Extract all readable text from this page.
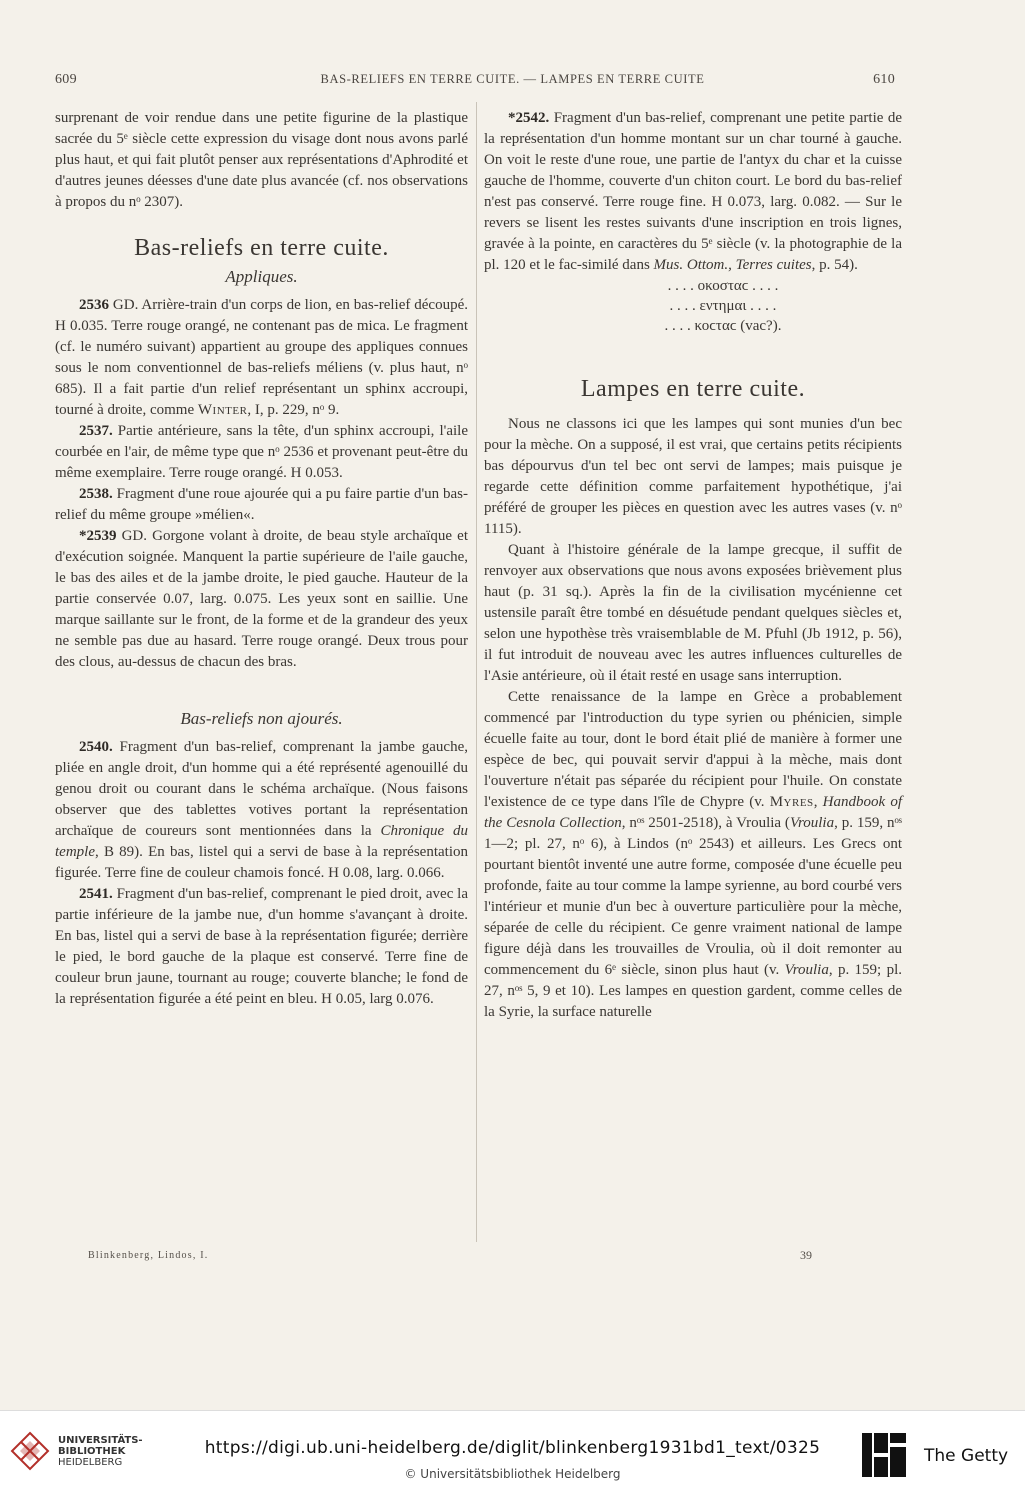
609	BAS-RELIEFS EN TERRE CUITE. — LAMPES EN TERRE CUITE	610

surprenant de voir rendue dans une petite figurine de la plastique sacrée du 5ᵉ siècle cette expression du visage dont nous avons parlé plus haut, et qui fait plutôt penser aux représentations d'Aphrodité et d'autres jeunes déesses d'une date plus avancée (cf. nos observations à propos du nᵒ 2307).

Bas-reliefs en terre cuite.

Appliques.

2536 GD. Arrière-train d'un corps de lion, en bas-relief découpé. H 0.035. Terre rouge orangé, ne contenant pas de mica. Le fragment (cf. le numéro suivant) appartient au groupe des appliques connues sous le nom conventionnel de bas-reliefs méliens (v. plus haut, nᵒ 685). Il a fait partie d'un relief représentant un sphinx accroupi, tourné à droite, comme Winter, I, p. 229, nᵒ 9.

2537. Partie antérieure, sans la tête, d'un sphinx accroupi, l'aile courbée en l'air, de même type que nᵒ 2536 et provenant peut-être du même exemplaire. Terre rouge orangé. H 0.053.

2538. Fragment d'une roue ajourée qui a pu faire partie d'un bas-relief du même groupe »mélien«.

*2539 GD. Gorgone volant à droite, de beau style archaïque et d'exécution soignée. Manquent la partie supérieure de l'aile gauche, le bas des ailes et de la jambe droite, le pied gauche. Hauteur de la partie conservée 0.07, larg. 0.075. Les yeux sont en saillie. Une marque saillante sur le front, de la forme et de la grandeur des yeux ne semble pas due au hasard. Terre rouge orangé. Deux trous pour des clous, au-dessus de chacun des bras.

Bas-reliefs non ajourés.

2540. Fragment d'un bas-relief, comprenant la jambe gauche, pliée en angle droit, d'un homme qui a été représenté agenouillé du genou droit ou courant dans le schéma archaïque. (Nous faisons observer que des tablettes votives portant la représentation archaïque de coureurs sont mentionnées dans la Chronique du temple, B 89). En bas, listel qui a servi de base à la représentation figurée. Terre fine de couleur chamois foncé. H 0.08, larg. 0.066.

2541. Fragment d'un bas-relief, comprenant le pied droit, avec la partie inférieure de la jambe nue, d'un homme s'avançant à droite. En bas, listel qui a servi de base à la représentation figurée; derrière le pied, le bord gauche de la plaque est conservé. Terre fine de couleur brun jaune, tournant au rouge; couverte blanche; le fond de la représentation figurée a été peint en bleu. H 0.05, larg 0.076.

*2542. Fragment d'un bas-relief, comprenant une petite partie de la représentation d'un homme montant sur un char tourné à gauche. On voit le reste d'une roue, une partie de l'antyx du char et la cuisse gauche de l'homme, couverte d'un chiton court. Le bord du bas-relief n'est pas conservé. Terre rouge fine. H 0.073, larg. 0.082. — Sur le revers se lisent les restes suivants d'une inscription en trois lignes, gravée à la pointe, en caractères du 5ᵉ siècle (v. la photographie de la pl. 120 et le fac-similé dans Mus. Ottom., Terres cuites, p. 54).

. . . . οκοσταϲ . . . .

. . . . εντημαι . . . .

. . . . κοϲταϲ (vac?).

Lampes en terre cuite.

Nous ne classons ici que les lampes qui sont munies d'un bec pour la mèche. On a supposé, il est vrai, que certains petits récipients bas dépourvus d'un tel bec ont servi de lampes; mais puisque je regarde cette définition comme parfaitement hypothétique, j'ai préféré de grouper les pièces en question avec les autres vases (v. nᵒ 1115).

Quant à l'histoire générale de la lampe grecque, il suffit de renvoyer aux observations que nous avons exposées brièvement plus haut (p. 31 sq.). Après la fin de la civilisation mycénienne cet ustensile paraît être tombé en désuétude pendant quelques siècles et, selon une hypothèse très vraisemblable de M. Pfuhl (Jb 1912, p. 56), il fut introduit de nouveau avec les autres influences culturelles de l'Asie antérieure, où il était resté en usage sans interruption.

Cette renaissance de la lampe en Grèce a probablement commencé par l'introduction du type syrien ou phénicien, simple écuelle faite au tour, dont le bord était plié de manière à former une espèce de bec, qui pouvait servir d'appui à la mèche, mais dont l'ouverture n'était pas séparée du récipient pour l'huile. On constate l'existence de ce type dans l'île de Chypre (v. Myres, Handbook of the Cesnola Collection, nᵒˢ 2501-2518), à Vroulia (Vroulia, p. 159, nᵒˢ 1—2; pl. 27, nᵒ 6), à Lindos (nᵒ 2543) et ailleurs. Les Grecs ont pourtant bientôt inventé une autre forme, composée d'une écuelle peu profonde, faite au tour comme la lampe syrienne, au bord courbé vers l'intérieur et munie d'un bec à ouverture particulière pour la mèche, séparée de celle du récipient. Ce genre vraiment national de lampe figure déjà dans les trouvailles de Vroulia, où il doit remonter au commencement du 6ᵉ siècle, sinon plus haut (v. Vroulia, p. 159; pl. 27, nᵒˢ 5, 9 et 10). Les lampes en question gardent, comme celles de la Syrie, la surface naturelle

Blinkenberg, Lindos, I.	39
UNIVERSITÄTS-
BIBLIOTHEK
HEIDELBERG
https://digi.ub.uni-heidelberg.de/diglit/blinkenberg1931bd1_text/0325
© Universitätsbibliothek Heidelberg
The Getty
